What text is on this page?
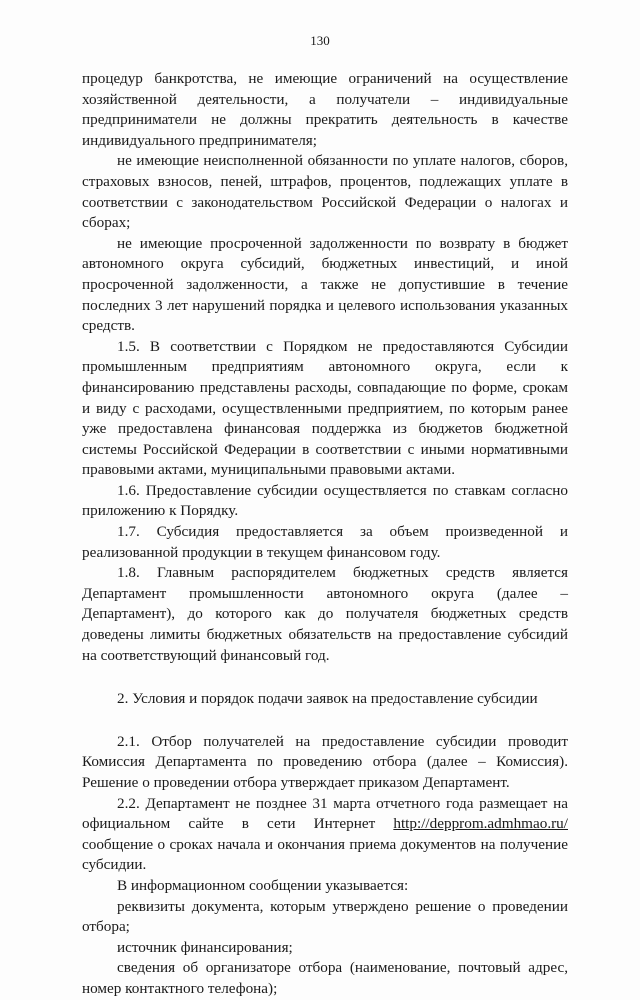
130

процедур банкротства, не имеющие ограничений на осуществление хозяйственной деятельности, а получатели – индивидуальные предприниматели не должны прекратить деятельность в качестве индивидуального предпринимателя;

не имеющие неисполненной обязанности по уплате налогов, сборов, страховых взносов, пеней, штрафов, процентов, подлежащих уплате в соответствии с законодательством Российской Федерации о налогах и сборах;

не имеющие просроченной задолженности по возврату в бюджет автономного округа субсидий, бюджетных инвестиций, и иной просроченной задолженности, а также не допустившие в течение последних 3 лет нарушений порядка и целевого использования указанных средств.

1.5. В соответствии с Порядком не предоставляются Субсидии промышленным предприятиям автономного округа, если к финансированию представлены расходы, совпадающие по форме, срокам и виду с расходами, осуществленными предприятием, по которым ранее уже предоставлена финансовая поддержка из бюджетов бюджетной системы Российской Федерации в соответствии с иными нормативными правовыми актами, муниципальными правовыми актами.

1.6. Предоставление субсидии осуществляется по ставкам согласно приложению к Порядку.

1.7. Субсидия предоставляется за объем произведенной и реализованной продукции в текущем финансовом году.

1.8. Главным распорядителем бюджетных средств является Департамент промышленности автономного округа (далее – Департамент), до которого как до получателя бюджетных средств доведены лимиты бюджетных обязательств на предоставление субсидий на соответствующий финансовый год.

2. Условия и порядок подачи заявок на предоставление субсидии

2.1. Отбор получателей на предоставление субсидии проводит Комиссия Департамента по проведению отбора (далее – Комиссия). Решение о проведении отбора утверждает приказом Департамент.

2.2. Департамент не позднее 31 марта отчетного года размещает на официальном сайте в сети Интернет http://depprom.admhmao.ru/ сообщение о сроках начала и окончания приема документов на получение субсидии.

В информационном сообщении указывается:

реквизиты документа, которым утверждено решение о проведении отбора;

источник финансирования;

сведения об организаторе отбора (наименование, почтовый адрес, номер контактного телефона);
